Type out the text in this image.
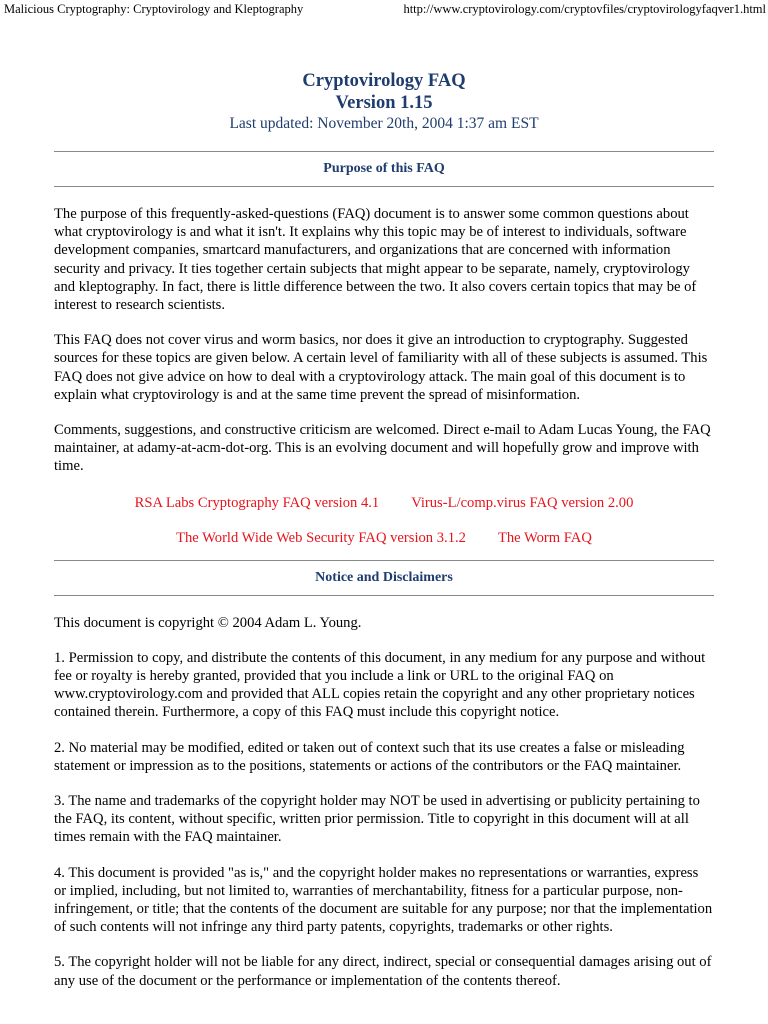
Malicious Cryptography: Cryptovirology and Kleptography	http://www.cryptovirology.com/cryptovfiles/cryptovirologyfaqver1.html
Cryptovirology FAQ
Version 1.15
Last updated: November 20th, 2004 1:37 am EST
Purpose of this FAQ

The purpose of this frequently-asked-questions (FAQ) document is to answer some common questions about what cryptovirology is and what it isn't. It explains why this topic may be of interest to individuals, software development companies, smartcard manufacturers, and organizations that are concerned with information security and privacy. It ties together certain subjects that might appear to be separate, namely, cryptovirology and kleptography. In fact, there is little difference between the two. It also covers certain topics that may be of interest to research scientists.

This FAQ does not cover virus and worm basics, nor does it give an introduction to cryptography. Suggested sources for these topics are given below. A certain level of familiarity with all of these subjects is assumed. This FAQ does not give advice on how to deal with a cryptovirology attack. The main goal of this document is to explain what cryptovirology is and at the same time prevent the spread of misinformation.

Comments, suggestions, and constructive criticism are welcomed. Direct e-mail to Adam Lucas Young, the FAQ maintainer, at adamy-at-acm-dot-org. This is an evolving document and will hopefully grow and improve with time.

RSA Labs Cryptography FAQ version 4.1 Virus-L/comp.virus FAQ version 2.00
The World Wide Web Security FAQ version 3.1.2 The Worm FAQ
Notice and Disclaimers

This document is copyright © 2004 Adam L. Young.

1. Permission to copy, and distribute the contents of this document, in any medium for any purpose and without fee or royalty is hereby granted, provided that you include a link or URL to the original FAQ on www.cryptovirology.com and provided that ALL copies retain the copyright and any other proprietary notices contained therein. Furthermore, a copy of this FAQ must include this copyright notice.

2. No material may be modified, edited or taken out of context such that its use creates a false or misleading statement or impression as to the positions, statements or actions of the contributors or the FAQ maintainer.

3. The name and trademarks of the copyright holder may NOT be used in advertising or publicity pertaining to the FAQ, its content, without specific, written prior permission. Title to copyright in this document will at all times remain with the FAQ maintainer.

4. This document is provided "as is," and the copyright holder makes no representations or warranties, express or implied, including, but not limited to, warranties of merchantability, fitness for a particular purpose, non-infringement, or title; that the contents of the document are suitable for any purpose; nor that the implementation of such contents will not infringe any third party patents, copyrights, trademarks or other rights.

5. The copyright holder will not be liable for any direct, indirect, special or consequential damages arising out of any use of the document or the performance or implementation of the contents thereof.
